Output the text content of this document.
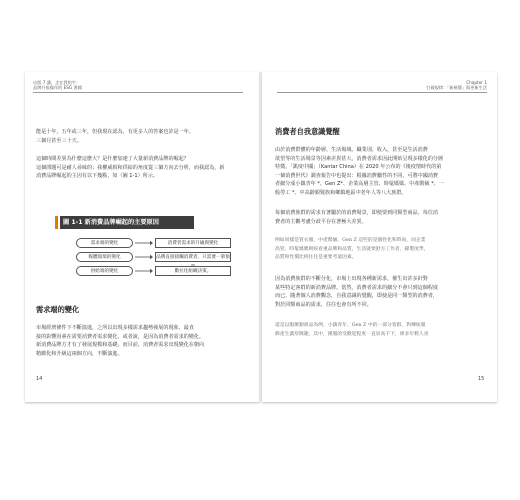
出版 7 講，走在我的牛：
品牌升級操作的 ESG 書籍
能是十年，五年或三年，但我現在認為，有更多人的答案也許是一年、
三個月甚至三十天。
這個時間差異為什麼這麼大？是什麼加速了大量新消費品牌的崛起？
這個問題可是耐人尋味的；我權威相和供給的角度從三個方向去分析，而我認為，新
消費品牌崛起的主因有以下幾點，如（圖 1-1）所示。
圖 1-1 新消費品牌崛起的主要原因
需求端的變化	消費者需求的升級與變化
媒體環境的變化	品牌直接接觸消費者、只需要一筆預
供給端的變化	數位化組織決策。
需求端的變化
市場經濟條件下不斷演進，之所以出現多樣需求趨勢發展的現象，最直
接的影響因素在需要消費者需求變化，或者說，是因為消費者需求的變化。
新消費品牌方才有了發展規模和基礎，而目前，消費者需求出現變化在朝向
精緻化和升級這兩個方向，不斷演進。
14
Chapter 1
打破規律：「新極簡」與更新生活
消費者自我意識覺醒
由於消費群體的年齡層、生活場域、職業別、收入，甚至是生活消費
欲望等的生活場景等因素差異甚大，消費者需求因此開始呈現多樣化的分層
特徵。「凱度中國」（Kantar China）在 2020 年公布的《後疫情時代的第
一個消費世代》調查報告中也提出：根據消費屬性的不同，可將中國消費
者細分成小鎮青年 *、Gen Z*、企業高層主管、時髦媽媽、中產階級 *、一
般勞工 *、中高齡銀髮族和鄉鎮地區中老年人等八大族群。
每個消費族群的需求有著屬於的消費場景，即便要到同類型商品，每位消
費者的主觀考慮分歧平存在著極大差異。
例如同樣是買衣服，中產階級、Gen Z 這些的是個性化和時尚，而企業
高管，時髦媽媽則較看重品牌和品質，生活就要舒方工作者，錄製度學，
品質和性價比則往往是重要考量因素。
因為消費族群的不斷分化，市場上出現各種新需求，催生出許多針對
某些特定客群的新消費品牌。當然，消費者需求的細分不會只到這個程度
而已，隨著個人消費觀念，自我意識的覺醒，即使是同一類型的消費者，
對於同類商品的需求，往往也會有所不同。
還是以服飾類商品為例，小鎮青年、Gen Z 中的一部分客群，對傳統服
飾產生濃厚興趣，其中，漢服的受歡迎程度一直居高不下，係多年輕人喜
15
